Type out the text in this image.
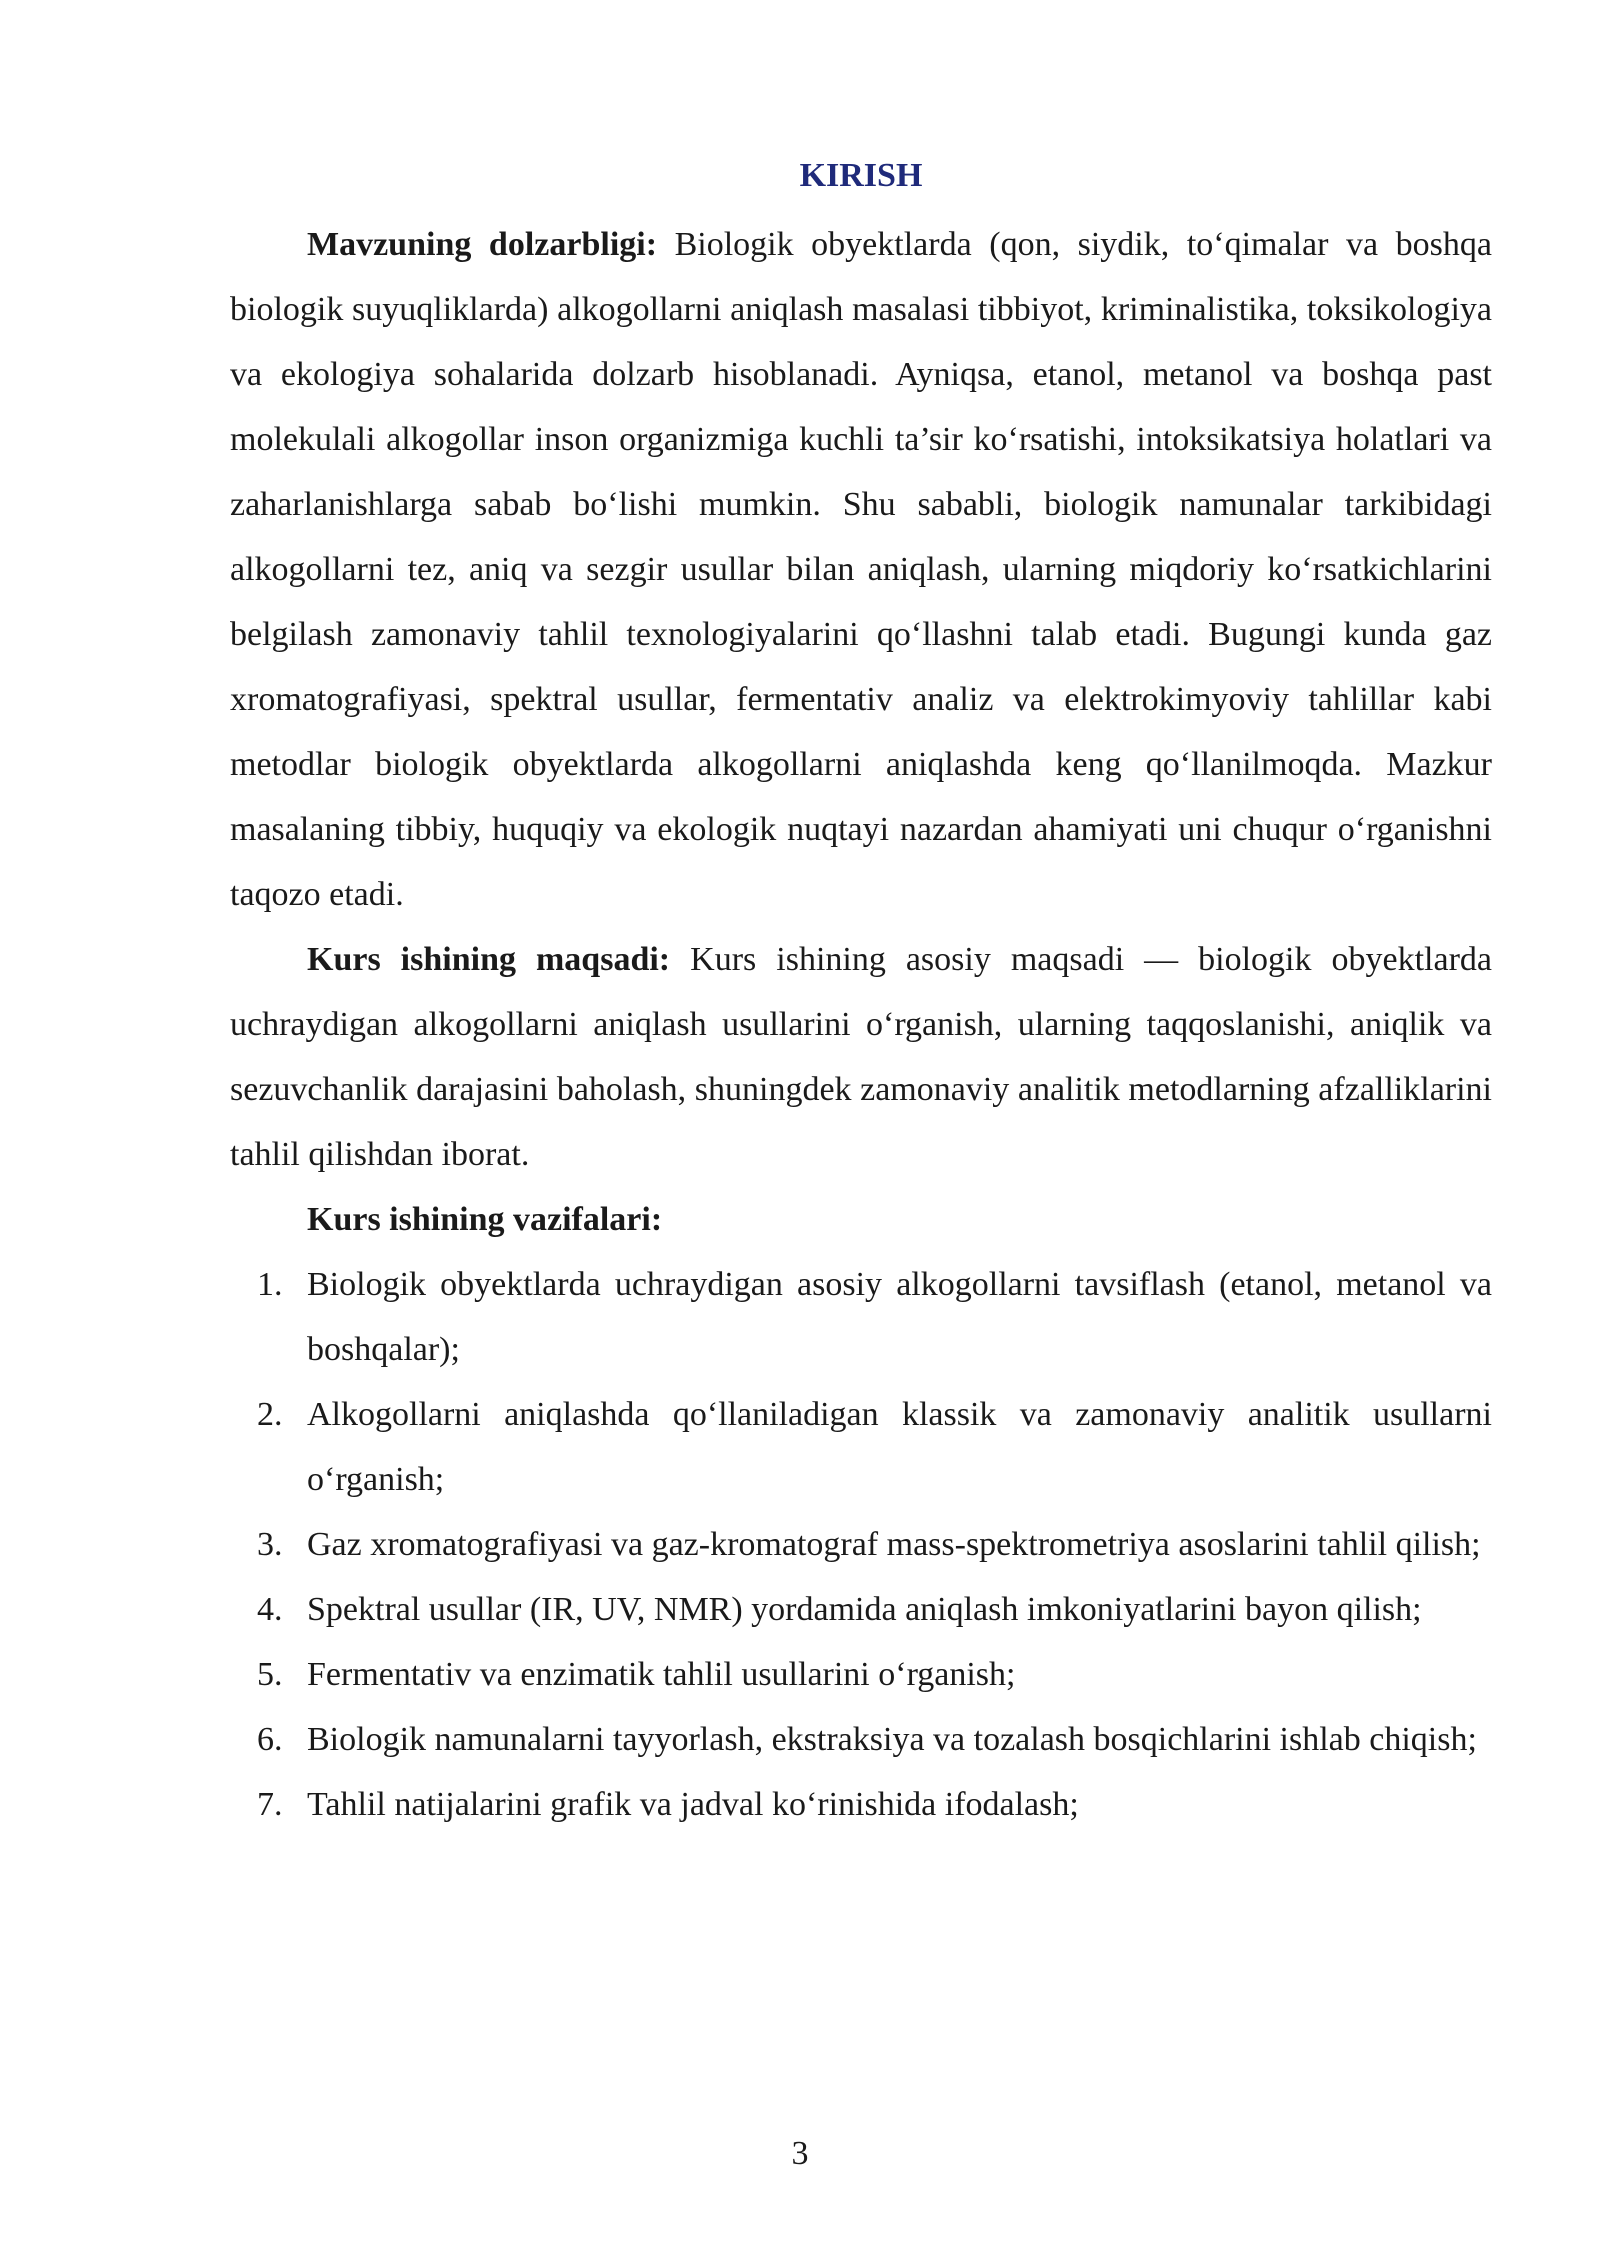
KIRISH

Mavzuning dolzarbligi: Biologik obyektlarda (qon, siydik, to‘qimalar va boshqa biologik suyuqliklarda) alkogollarni aniqlash masalasi tibbiyot, kriminalistika, toksikologiya va ekologiya sohalarida dolzarb hisoblanadi. Ayniqsa, etanol, metanol va boshqa past molekulali alkogollar inson organizmiga kuchli ta’sir ko‘rsatishi, intoksikatsiya holatlari va zaharlanishlarga sabab bo‘lishi mumkin. Shu sababli, biologik namunalar tarkibidagi alkogollarni tez, aniq va sezgir usullar bilan aniqlash, ularning miqdoriy ko‘rsatkichlarini belgilash zamonaviy tahlil texnologiyalarini qo‘llashni talab etadi. Bugungi kunda gaz xromatografiyasi, spektral usullar, fermentativ analiz va elektrokimyoviy tahlillar kabi metodlar biologik obyektlarda alkogollarni aniqlashda keng qo‘llanilmoqda. Mazkur masalaning tibbiy, huquqiy va ekologik nuqtayi nazardan ahamiyati uni chuqur o‘rganishni taqozo etadi.

Kurs ishining maqsadi: Kurs ishining asosiy maqsadi — biologik obyektlarda uchraydigan alkogollarni aniqlash usullarini o‘rganish, ularning taqqoslanishi, aniqlik va sezuvchanlik darajasini baholash, shuningdek zamonaviy analitik metodlarning afzalliklarini tahlil qilishdan iborat.

Kurs ishining vazifalari:

1. Biologik obyektlarda uchraydigan asosiy alkogollarni tavsiflash (etanol, metanol va boshqalar);
2. Alkogollarni aniqlashda qo‘llaniladigan klassik va zamonaviy analitik usullarni o‘rganish;
3. Gaz xromatografiyasi va gaz-kromatograf mass-spektrometriya asoslarini tahlil qilish;
4. Spektral usullar (IR, UV, NMR) yordamida aniqlash imkoniyatlarini bayon qilish;
5. Fermentativ va enzimatik tahlil usullarini o‘rganish;
6. Biologik namunalarni tayyorlash, ekstraksiya va tozalash bosqichlarini ishlab chiqish;
7. Tahlil natijalarini grafik va jadval ko‘rinishida ifodalash;
3
